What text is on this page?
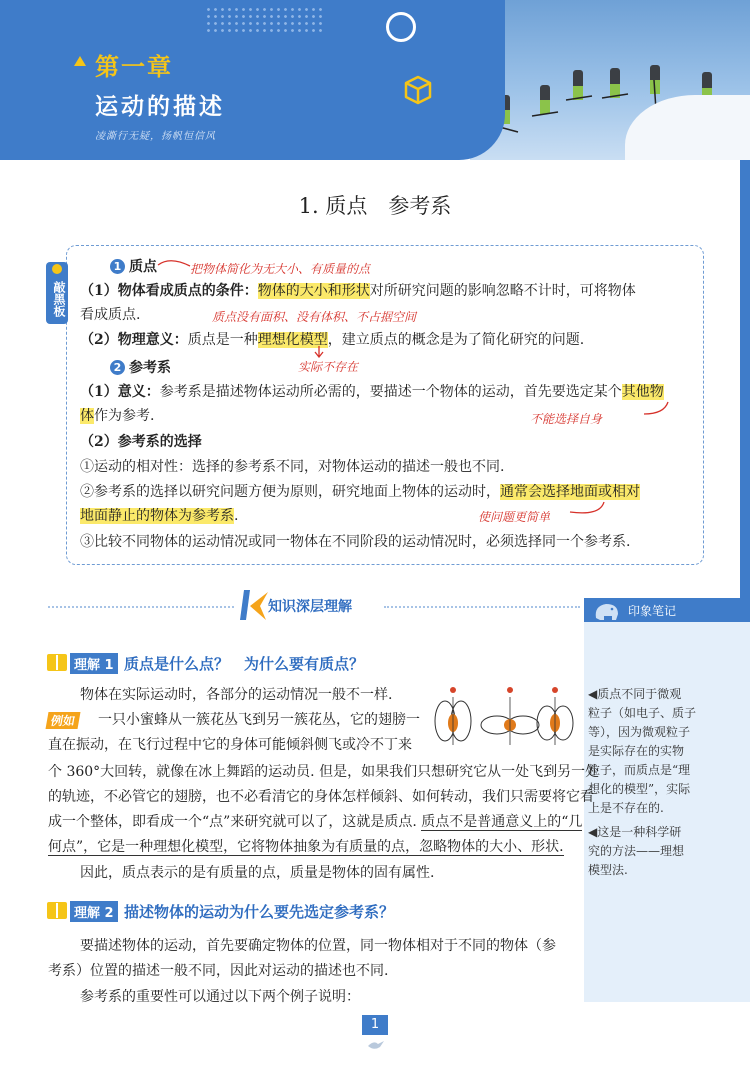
第一章
运动的描述
凌澌行无疑，扬帆恒信风
1. 质点　参考系
敲黑板
1 质点	把物体简化为无大小、有质量的点
（1）物体看成质点的条件：物体的大小和形状对所研究问题的影响忽略不计时，可将物体
看成质点.	质点没有面积、没有体积、不占据空间
（2）物理意义：质点是一种理想化模型，建立质点的概念是为了简化研究的问题.
实际不存在
2 参考系
（1）意义：参考系是描述物体运动所必需的，要描述一个物体的运动，首先要选定某个其他物
体作为参考.	不能选择自身
（2）参考系的选择
①运动的相对性：选择的参考系不同，对物体运动的描述一般也不同.
②参考系的选择以研究问题方便为原则，研究地面上物体的运动时，通常会选择地面或相对
地面静止的物体为参考系.	使问题更简单
③比较不同物体的运动情况或同一物体在不同阶段的运动情况时，必须选择同一个参考系.
知识深层理解	印象笔记
◀质点不同于微观
粒子（如电子、质子
等），因为微观粒子
是实际存在的实物
粒子，而质点是“理
想化的模型”，实际
上是不存在的.
◀这是一种科学研
究的方法——理想
模型法.
理解 1 质点是什么点？　为什么要有质点？
物体在实际运动时，各部分的运动情况一般不一样.
例如	一只小蜜蜂从一簇花丛飞到另一簇花丛，它的翅膀一
直在振动，在飞行过程中它的身体可能倾斜侧飞或冷不丁来
个 360°大回转，就像在冰上舞蹈的运动员. 但是，如果我们只想研究它从一处飞到另一处
的轨迹，不必管它的翅膀，也不必看清它的身体怎样倾斜、如何转动，我们只需要将它看
成一个整体，即看成一个“点”来研究就可以了，这就是质点. 质点不是普通意义上的“几
何点”，它是一种理想化模型，它将物体抽象为有质量的点，忽略物体的大小、形状.
因此，质点表示的是有质量的点，质量是物体的固有属性.
理解 2 描述物体的运动为什么要先选定参考系？
要描述物体的运动，首先要确定物体的位置，同一物体相对于不同的物体（参
考系）位置的描述一般不同，因此对运动的描述也不同.
参考系的重要性可以通过以下两个例子说明：
1
